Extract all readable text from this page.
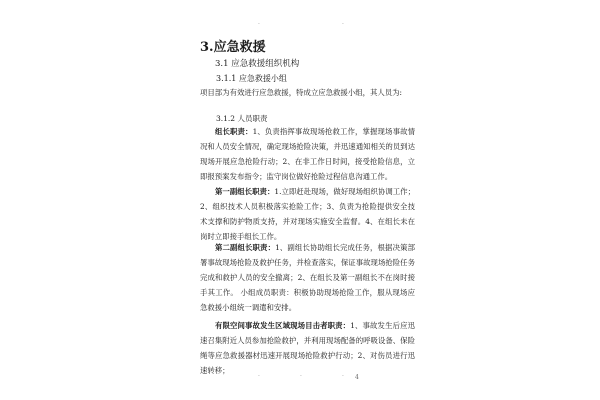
·	·
3.应急救援
3.1 应急救援组织机构
3.1.1 应急救援小组
项目部为有效进行应急救援，特成立应急救援小组，其人员为:
3.1.2 人员职责
组长职责：1、负责指挥事故现场抢救工作，掌握现场事故情况和人员安全情况，确定现场抢险决策，并迅速通知相关的员到达现场开展应急抢险行动；2、在非工作日时间，接受抢险信息，立即报预案发布指令；监守岗位做好抢险过程信息沟通工作。
第一副组长职责：1.立即赶赴现场，做好现场组织协调工作；2、组织技术人员积极落实抢险工作；3、负责为抢险提供安全技术支撑和防护物质支持，并对现场实施安全监督。4、在组长未在岗时立即接手组长工作。
第二副组长职责：1、副组长协助组长完成任务，根据决策部署事故现场抢险及救护任务，并检查落实，保证事故现场抢险任务完成和救护人员的安全撤离；2、在组长及第一副组长不在岗时接手其工作。 小组成员职责：积极协助现场抢险工作，服从现场应急救援小组统一调遣和安排。
有限空间事故发生区域现场目击者职责：1、事故发生后应迅速召集附近人员参加抢险救护，并利用现场配备的呼吸设备、保险绳等应急救援器材迅速开展现场抢险救护行动；2、对伤员进行迅速转移；
·	·	· 4
